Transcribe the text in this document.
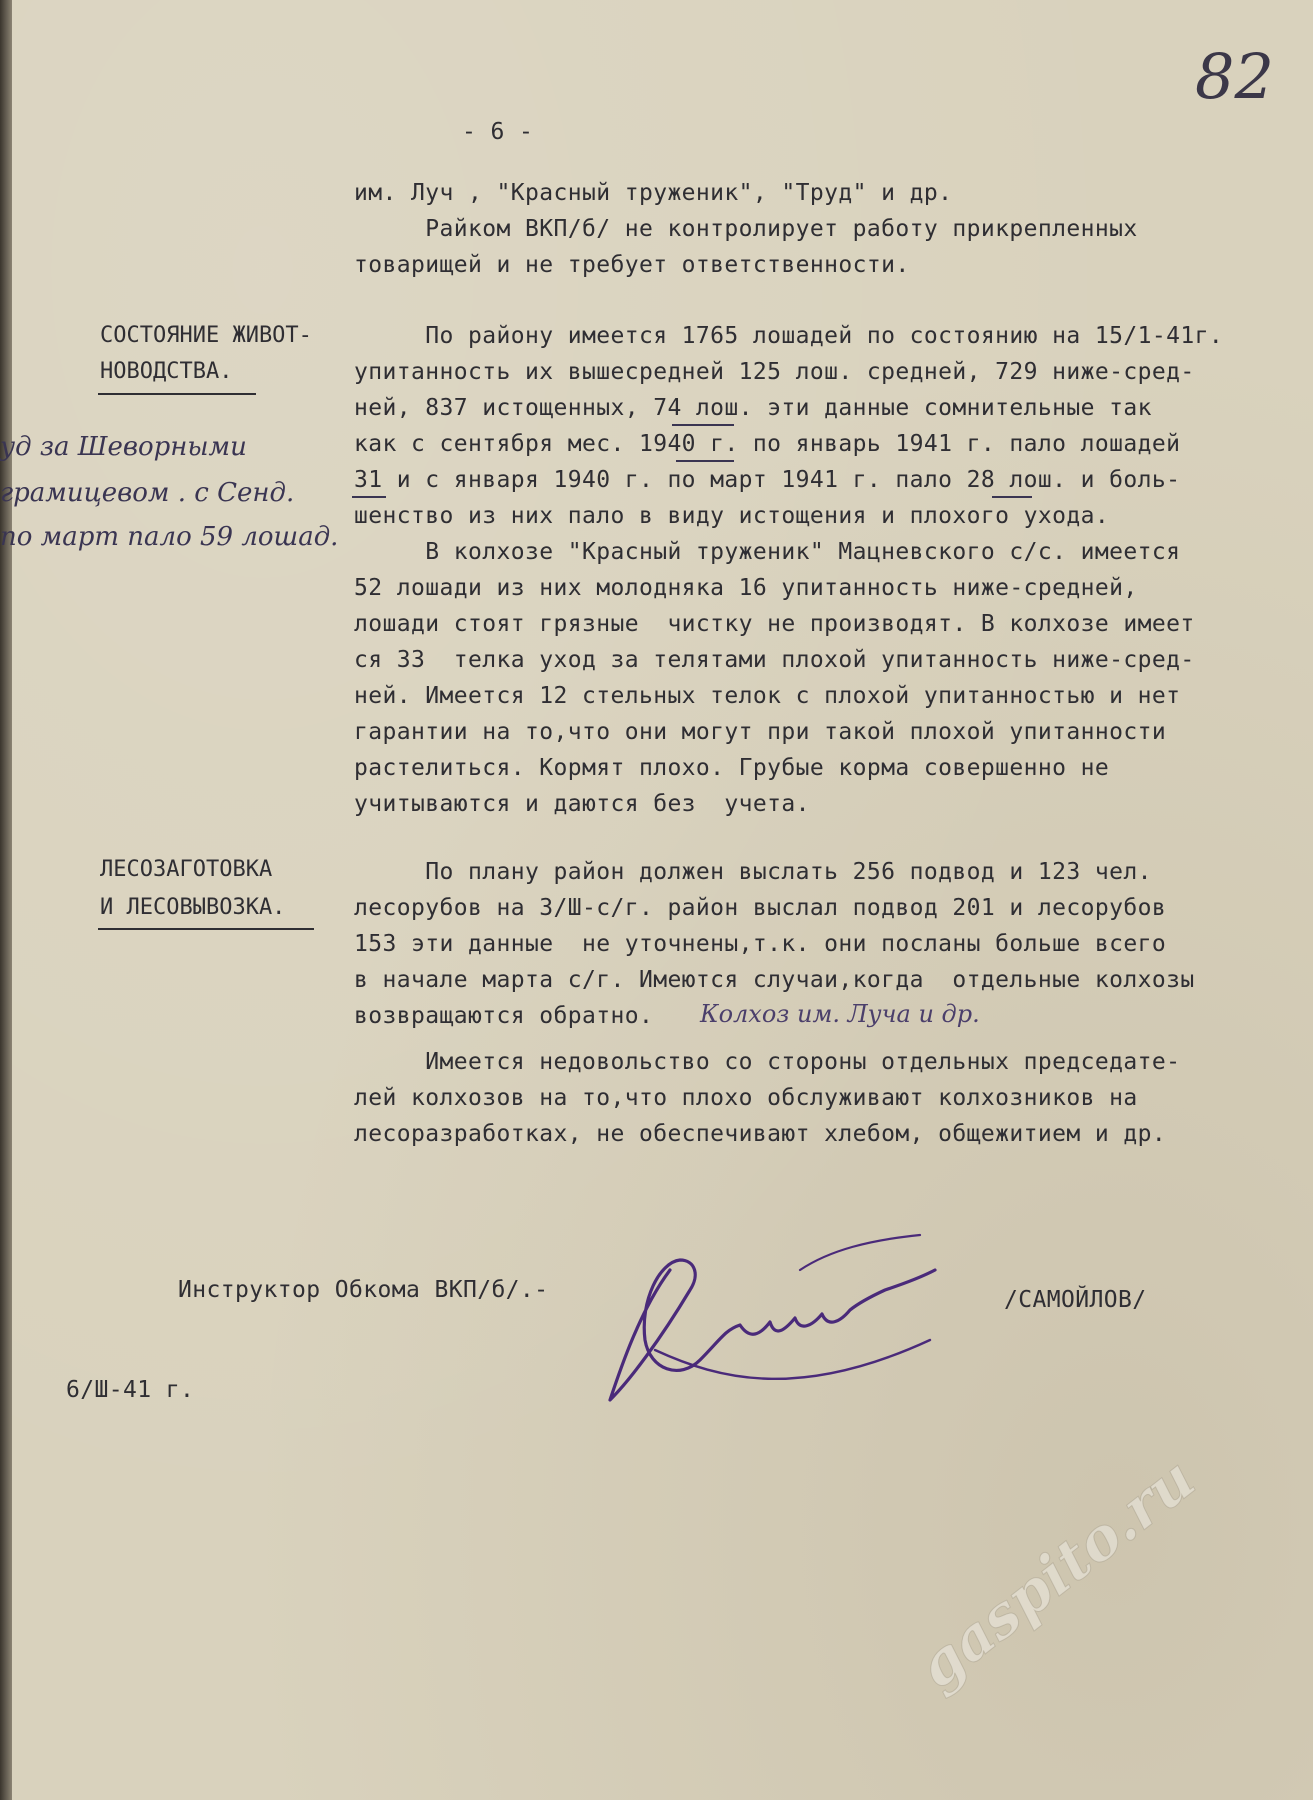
82
- 6 -
им. Луч , "Красный труженик", "Труд" и др.
Райком ВКП/б/ не контролирует работу прикрепленных
товарищей и не требует ответственности.
СОСТОЯНИЕ ЖИВОТ-
НОВОДСТВА.
По району имеется 1765 лошадей по состоянию на 15/1-41г.
упитанность их вышесредней 125 лош. средней, 729 ниже-сред-
ней, 837 истощенных, 74 лош. эти данные сомнительные так
как с сентября мес. 1940 г. по январь 1941 г. пало лошадей
31 и с января 1940 г. по март 1941 г. пало 28 лош. и боль-
шенство из них пало в виду истощения и плохого ухода.
В колхозе "Красный труженик" Мацневского с/с. имеется
52 лошади из них молодняка 16 упитанность ниже-средней,
лошади стоят грязные  чистку не производят. В колхозе имеет
ся 33  телка уход за телятами плохой упитанность ниже-сред-
ней. Имеется 12 стельных телок с плохой упитанностью и нет
гарантии на то,что они могут при такой плохой упитанности
растелиться. Кормят плохо. Грубые корма совершенно не
учитываются и даются без  учета.
уд за Шеворными
грамицевом . с Сенд.
по март пало 59 лошад.
ЛЕСОЗАГОТОВКА
И ЛЕСОВЫВОЗКА.
По плану район должен выслать 256 подвод и 123 чел.
лесорубов на 3/Ш-с/г. район выслал подвод 201 и лесорубов
153 эти данные  не уточнены,т.к. они посланы больше всего
в начале марта с/г. Имеются случаи,когда  отдельные колхозы
возвращаются обратно. Колхоз им. Луча и др.
Имеется недовольство со стороны отдельных председате-
лей колхозов на то,что плохо обслуживают колхозников на
лесоразработках, не обеспечивают хлебом, общежитием и др.
Инструктор Обкома ВКП/б/.-	/САМОЙЛОВ/
6/Ш-41 г.
gaspito.ru
